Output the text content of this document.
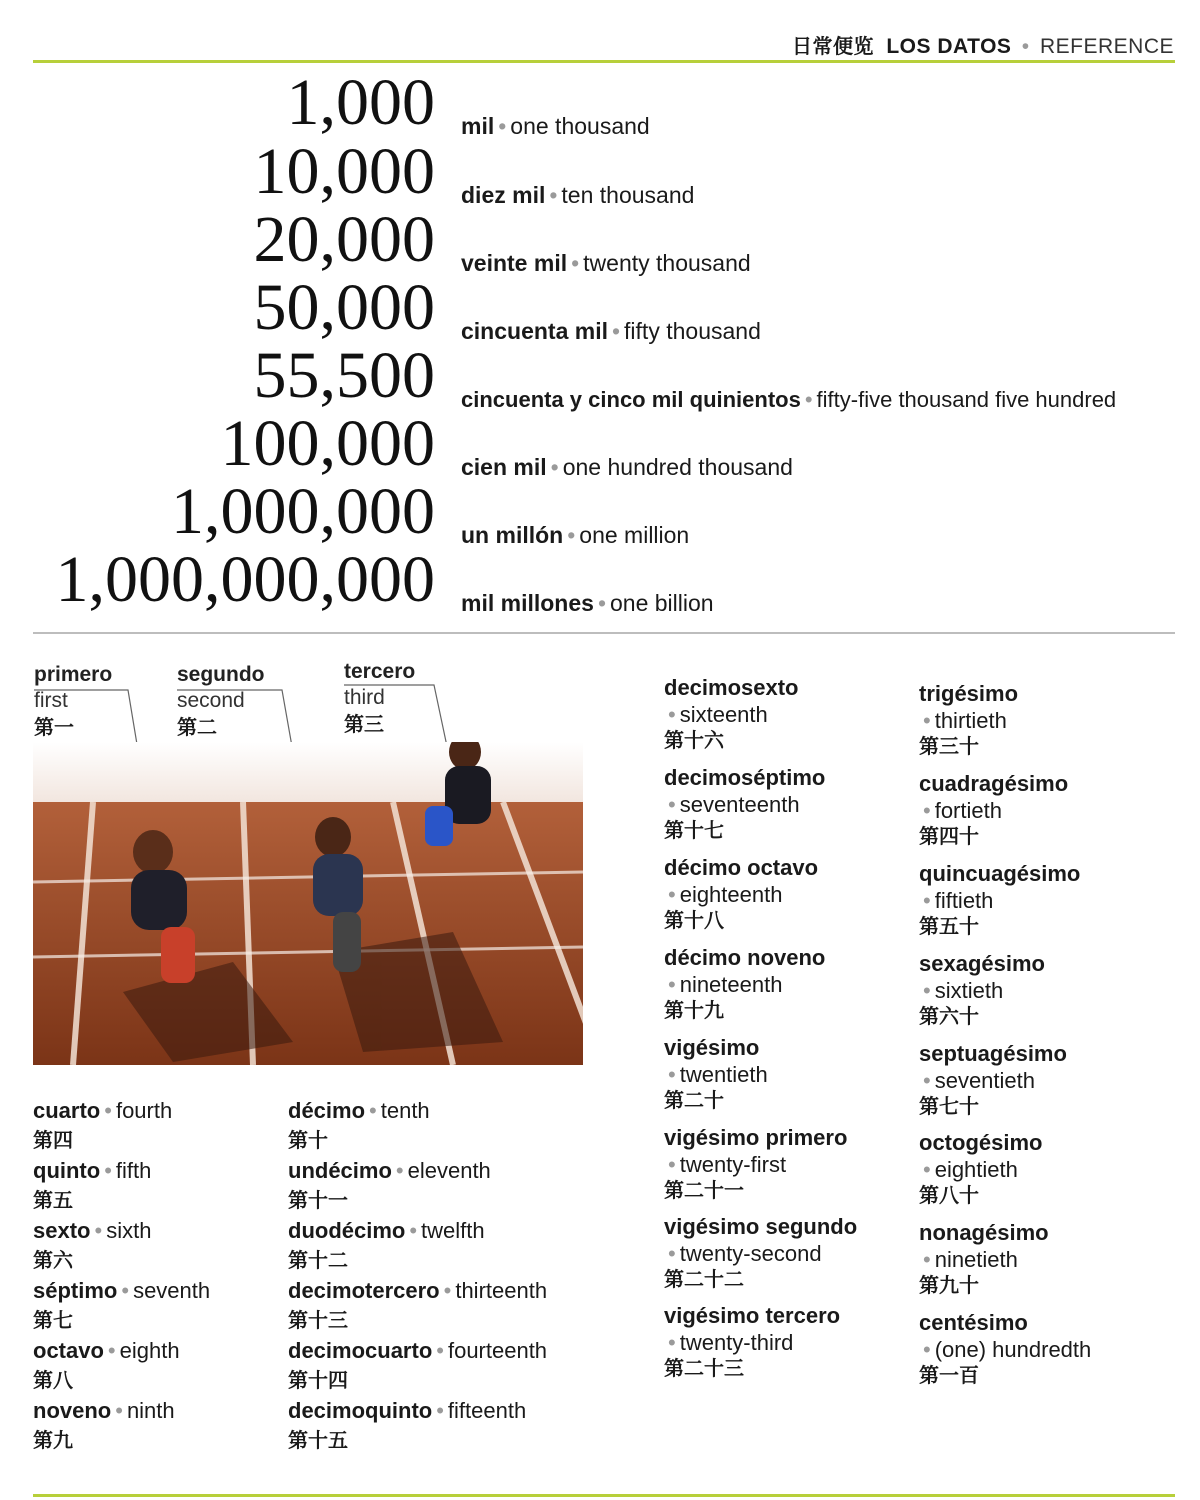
日常便览 LOS DATOS • REFERENCE
1,000 mil • one thousand
10,000 diez mil • ten thousand
20,000 veinte mil • twenty thousand
50,000 cincuenta mil • fifty thousand
55,500 cincuenta y cinco mil quinientos • fifty-five thousand five hundred
100,000 cien mil • one hundred thousand
1,000,000 un millón • one million
1,000,000,000 mil millones • one billion
primero
first
第一
segundo
second
第二
tercero
third
第三
cuarto • fourth
第四
quinto • fifth
第五
sexto • sixth
第六
séptimo • seventh
第七
octavo • eighth
第八
noveno • ninth
第九
décimo • tenth
第十
undécimo • eleventh
第十一
duodécimo • twelfth
第十二
decimotercero • thirteenth
第十三
decimocuarto • fourteenth
第十四
decimoquinto • fifteenth
第十五
decimosexto
• sixteenth
第十六
decimoséptimo
• seventeenth
第十七
décimo octavo
• eighteenth
第十八
décimo noveno
• nineteenth
第十九
vigésimo
• twentieth
第二十
vigésimo primero
• twenty-first
第二十一
vigésimo segundo
• twenty-second
第二十二
vigésimo tercero
• twenty-third
第二十三
trigésimo
• thirtieth
第三十
cuadragésimo
• fortieth
第四十
quincuagésimo
• fiftieth
第五十
sexagésimo
• sixtieth
第六十
septuagésimo
• seventieth
第七十
octogésimo
• eightieth
第八十
nonagésimo
• ninetieth
第九十
centésimo
• (one) hundredth
第一百
